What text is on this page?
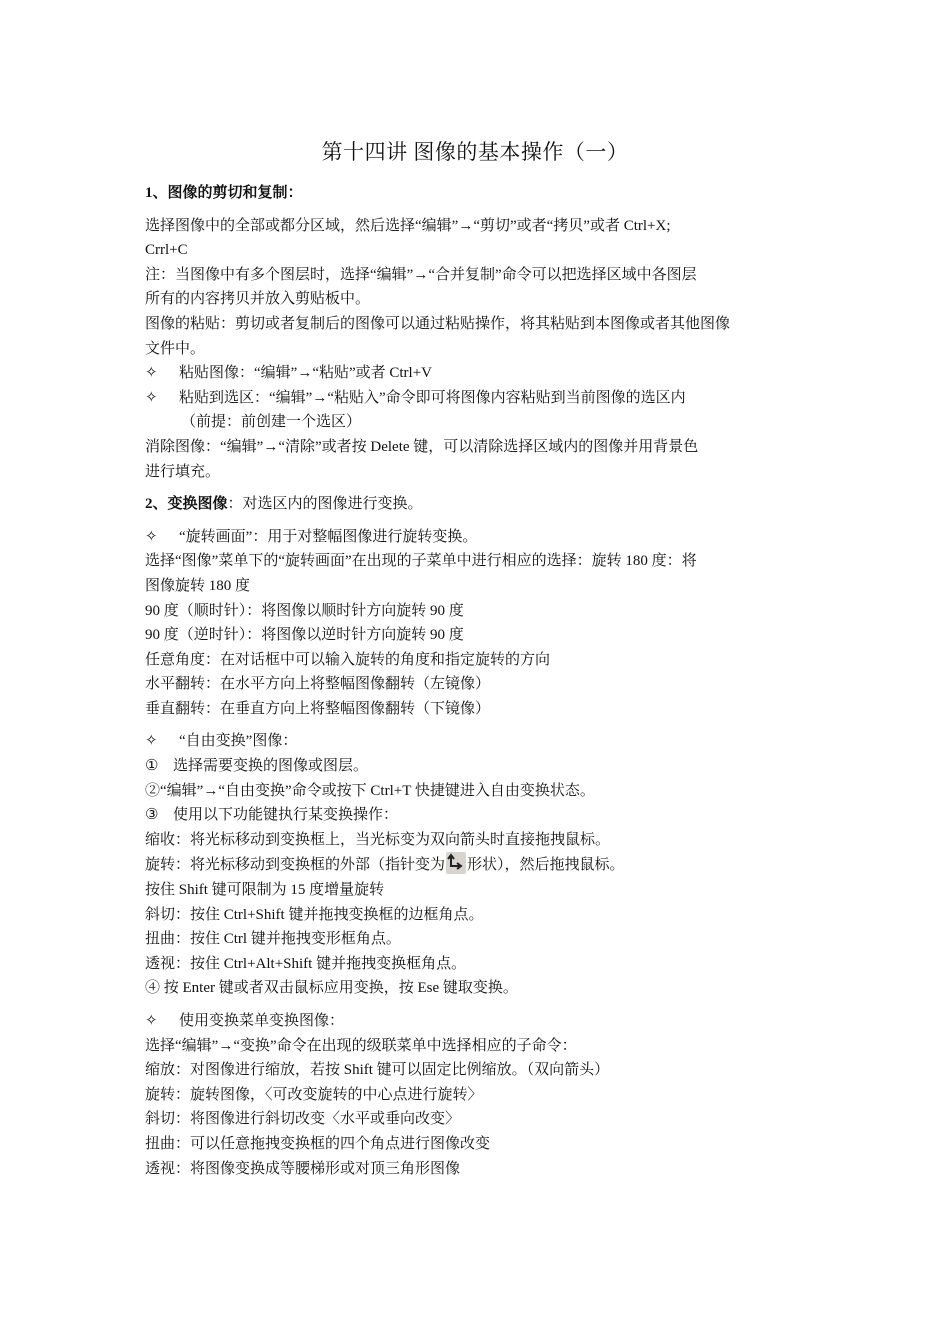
第十四讲 图像的基本操作（一）
1、图像的剪切和复制：
选择图像中的全部或都分区域，然后选择“编辑”→“剪切”或者“拷贝”或者 Ctrl+X;
Crrl+C
注：当图像中有多个图层时，选择“编辑”→“合并复制”命令可以把选择区域中各图层
所有的内容拷贝并放入剪贴板中。
图像的粘贴：剪切或者复制后的图像可以通过粘贴操作，将其粘贴到本图像或者其他图像
文件中。
✧ 粘贴图像：“编辑”→“粘贴”或者 Ctrl+V
✧ 粘贴到选区：“编辑”→“粘贴入”命令即可将图像内容粘贴到当前图像的选区内
（前提：前创建一个选区）
消除图像：“编辑”→“清除”或者按 Delete 键，可以清除选择区域内的图像并用背景色
进行填充。
2、变换图像：对选区内的图像进行变换。
✧ “旋转画面”：用于对整幅图像进行旋转变换。
选择“图像”菜单下的“旋转画面”在出现的子菜单中进行相应的选择：旋转 180 度：将
图像旋转 180 度
90 度（顺时针）：将图像以顺时针方向旋转 90 度
90 度（逆时针）：将图像以逆时针方向旋转 90 度
任意角度：在对话框中可以输入旋转的角度和指定旋转的方向
水平翻转：在水平方向上将整幅图像翻转（左镜像）
垂直翻转：在垂直方向上将整幅图像翻转（下镜像）
✧ “自由变换”图像：
① 选择需要变换的图像或图层。
②“编辑”→“自由变换”命令或按下 Ctrl+T 快捷键进入自由变换状态。
③ 使用以下功能键执行某变换操作：
缩收：将光标移动到变换框上，当光标变为双向箭头时直接拖拽鼠标。
旋转：将光标移动到变换框的外部（指针变为 形状），然后拖拽鼠标。
按住 Shift 键可限制为 15 度增量旋转
斜切：按住 Ctrl+Shift 键并拖拽变换框的边框角点。
扭曲：按住 Ctrl 键并拖拽变形框角点。
透视：按住 Ctrl+Alt+Shift 键并拖拽变换框角点。
④ 按 Enter 键或者双击鼠标应用变换，按 Ese 键取变换。
✧ 使用变换菜单变换图像：
选择“编辑”→“变换”命令在出现的级联菜单中选择相应的子命令：
缩放：对图像进行缩放，若按 Shift 键可以固定比例缩放。（双向箭头）
旋转：旋转图像，〈可改变旋转的中心点进行旋转〉
斜切：将图像进行斜切改变〈水平或垂向改变〉
扭曲：可以任意拖拽变换框的四个角点进行图像改变
透视：将图像变换成等腰梯形或对顶三角形图像
